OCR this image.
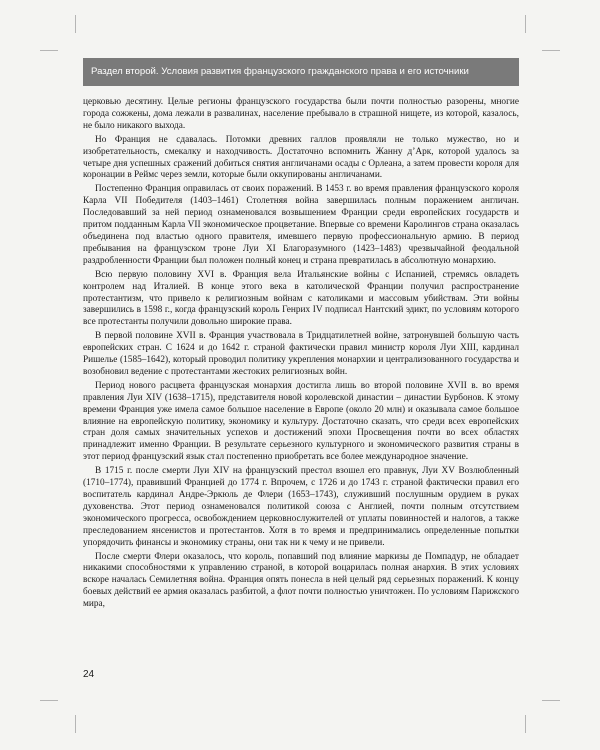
Раздел второй. Условия развития французского гражданского права и его источники

церковью десятину. Целые регионы французского государства были почти полностью разорены, многие города сожжены, дома лежали в развалинах, население пребывало в страшной нищете, из которой, казалось, не было никакого выхода.

Но Франция не сдавалась. Потомки древних галлов проявляли не только мужество, но и изобретательность, смекалку и находчивость. Достаточно вспомнить Жанну д’Арк, которой удалось за четыре дня успешных сражений добиться снятия англичанами осады с Орлеана, а затем провести короля для коронации в Реймс через земли, которые были оккупированы англичанами.

Постепенно Франция оправилась от своих поражений. В 1453 г. во время правления французского короля Карла VII Победителя (1403–1461) Столетняя война завершилась полным поражением англичан. Последовавший за ней период ознаменовался возвышением Франции среди европейских государств и притом подданным Карла VII экономическое процветание. Впервые со времени Каролингов страна оказалась объединена под властью одного правителя, имевшего первую профессиональную армию. В период пребывания на французском троне Луи XI Благоразумного (1423–1483) чрезвычайной феодальной раздробленности Франции был положен полный конец и страна превратилась в абсолютную монархию.

Всю первую половину XVI в. Франция вела Итальянские войны с Испанией, стремясь овладеть контролем над Италией. В конце этого века в католической Франции получил распространение протестантизм, что привело к религиозным войнам с католиками и массовым убийствам. Эти войны завершились в 1598 г., когда французский король Генрих IV подписал Нантский эдикт, по условиям которого все протестанты получили довольно широкие права.

В первой половине XVII в. Франция участвовала в Тридцатилетней войне, затронувшей большую часть европейских стран. С 1624 и до 1642 г. страной фактически правил министр короля Луи XIII, кардинал Ришелье (1585–1642), который проводил политику укрепления монархии и централизованного государства и возобновил ведение с протестантами жестоких религиозных войн.

Период нового расцвета французская монархия достигла лишь во второй половине XVII в. во время правления Луи XIV (1638–1715), представителя новой королевской династии – династии Бурбонов. К этому времени Франция уже имела самое большое население в Европе (около 20 млн) и оказывала самое большое влияние на европейскую политику, экономику и культуру. Достаточно сказать, что среди всех европейских стран доля самых значительных успехов и достижений эпохи Просвещения почти во всех областях принадлежит именно Франции. В результате серьезного культурного и экономического развития страны в этот период французский язык стал постепенно приобретать все более международное значение.

В 1715 г. после смерти Луи XIV на французский престол взошел его правнук, Луи XV Возлюбленный (1710–1774), правивший Францией до 1774 г. Впрочем, с 1726 и до 1743 г. страной фактически правил его воспитатель кардинал Андре-Эркюль де Флери (1653–1743), служивший послушным орудием в руках духовенства. Этот период ознаменовался политикой союза с Англией, почти полным отсутствием экономического прогресса, освобождением церковнослужителей от уплаты повинностей и налогов, а также преследованием янсенистов и протестантов. Хотя в то время и предпринимались определенные попытки упорядочить финансы и экономику страны, они так ни к чему и не привели.

После смерти Флери оказалось, что король, попавший под влияние маркизы де Помпадур, не обладает никакими способностями к управлению страной, в которой воцарилась полная анархия. В этих условиях вскоре началась Семилетняя война. Франция опять понесла в ней целый ряд серьезных поражений. К концу боевых действий ее армия оказалась разбитой, а флот почти полностью уничтожен. По условиям Парижского мира,

24
